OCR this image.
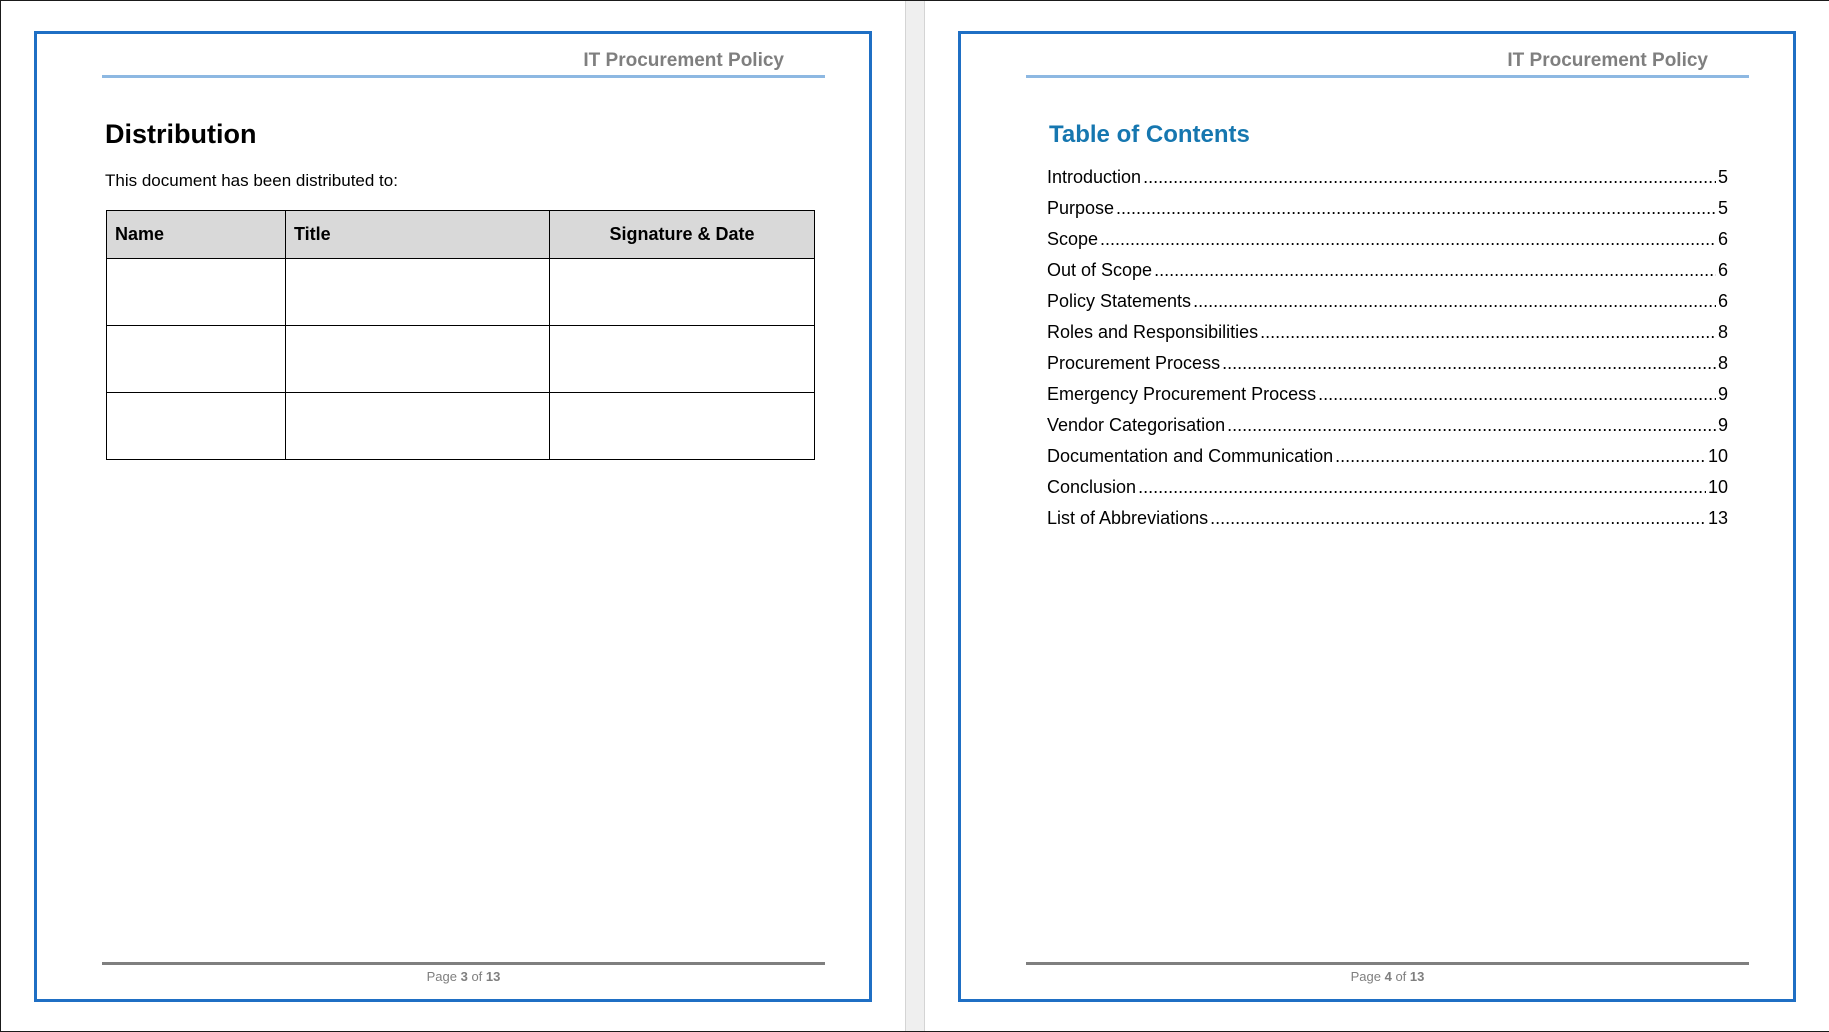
IT Procurement Policy
Distribution
This document has been distributed to:
Name	Title	Signature & Date

Page 3 of 13
IT Procurement Policy
Table of Contents
Introduction .....	5
Purpose .....	5
Scope .....	6
Out of Scope .....	6
Policy Statements .....	6
Roles and Responsibilities .....	8
Procurement Process .....	8
Emergency Procurement Process .....	9
Vendor Categorisation .....	9
Documentation and Communication .....	10
Conclusion .....	10
List of Abbreviations .....	13
Page 4 of 13
